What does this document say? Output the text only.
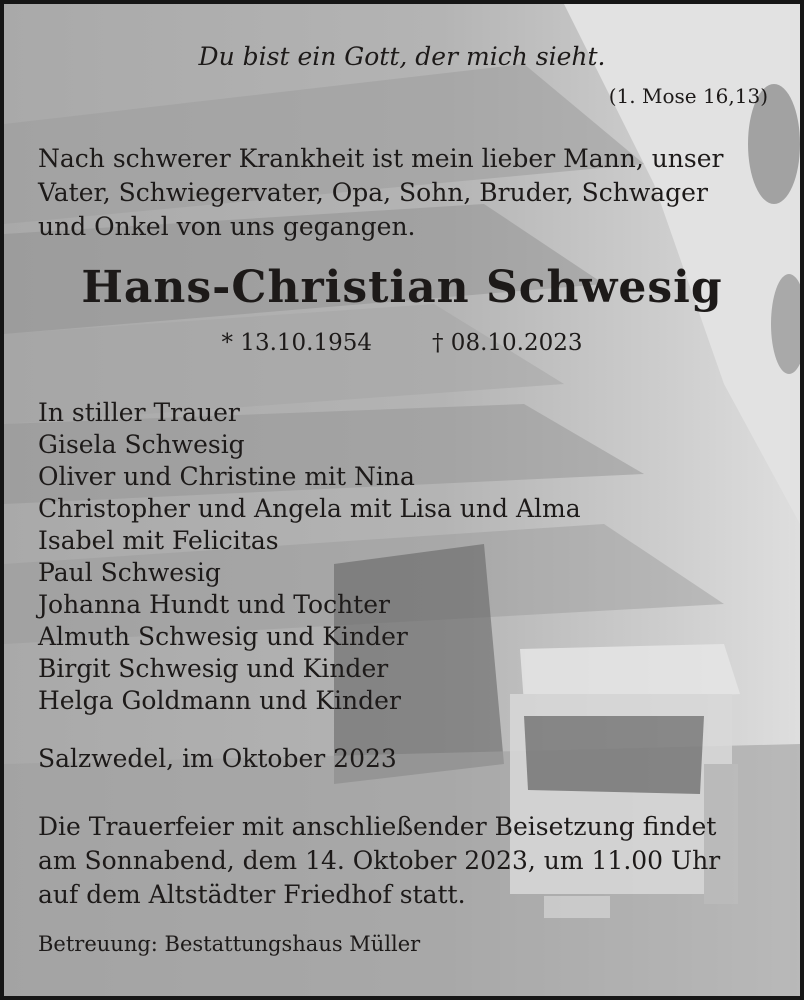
Du bist ein Gott, der mich sieht.

(1. Mose 16,13)

Nach schwerer Krankheit ist mein lieber Mann, unser

Vater, Schwiegervater, Opa, Sohn, Bruder, Schwager

und Onkel von uns gegangen.

Hans-Christian Schwesig

* 13.10.1954	† 08.10.2023

In stiller Trauer

Gisela Schwesig

Oliver und Christine mit Nina

Christopher und Angela mit Lisa und Alma

Isabel mit Felicitas

Paul Schwesig

Johanna Hundt und Tochter

Almuth Schwesig und Kinder

Birgit Schwesig und Kinder

Helga Goldmann und Kinder

Salzwedel, im Oktober 2023

Die Trauerfeier mit anschließender Beisetzung findet

am Sonnabend, dem 14. Oktober 2023, um 11.00 Uhr

auf dem Altstädter Friedhof statt.

Betreuung: Bestattungshaus Müller
